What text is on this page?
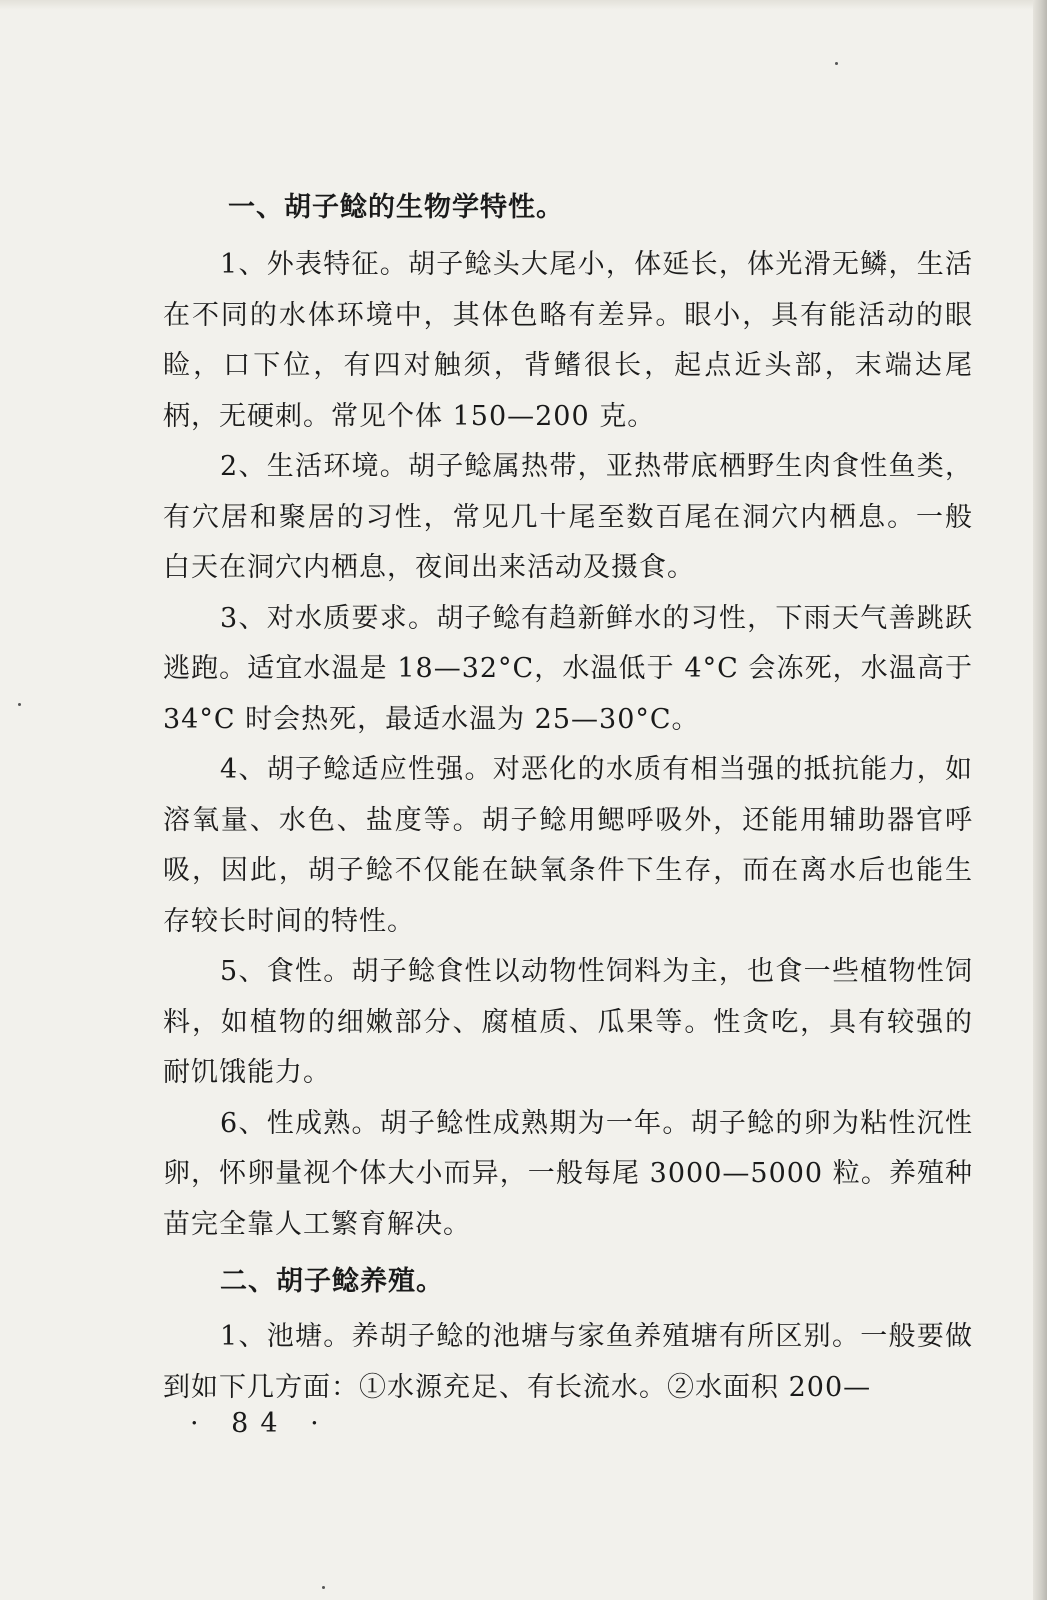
一、胡子鲶的生物学特性。

1、外表特征。胡子鲶头大尾小，体延长，体光滑无鳞，生活在不同的水体环境中，其体色略有差异。眼小，具有能活动的眼睑，口下位，有四对触须，背鳍很长，起点近头部，末端达尾柄，无硬刺。常见个体 150—200 克。

2、生活环境。胡子鲶属热带，亚热带底栖野生肉食性鱼类，有穴居和聚居的习性，常见几十尾至数百尾在洞穴内栖息。一般白天在洞穴内栖息，夜间出来活动及摄食。

3、对水质要求。胡子鲶有趋新鲜水的习性，下雨天气善跳跃逃跑。适宜水温是 18—32°C，水温低于 4°C 会冻死，水温高于 34°C 时会热死，最适水温为 25—30°C。

4、胡子鲶适应性强。对恶化的水质有相当强的抵抗能力，如溶氧量、水色、盐度等。胡子鲶用鳃呼吸外，还能用辅助器官呼吸，因此，胡子鲶不仅能在缺氧条件下生存，而在离水后也能生存较长时间的特性。

5、食性。胡子鲶食性以动物性饲料为主，也食一些植物性饲料，如植物的细嫩部分、腐植质、瓜果等。性贪吃，具有较强的耐饥饿能力。

6、性成熟。胡子鲶性成熟期为一年。胡子鲶的卵为粘性沉性卵，怀卵量视个体大小而异，一般每尾 3000—5000 粒。养殖种苗完全靠人工繁育解决。

二、胡子鲶养殖。

1、池塘。养胡子鲶的池塘与家鱼养殖塘有所区别。一般要做到如下几方面：①水源充足、有长流水。②水面积 200—

· 84 ·
